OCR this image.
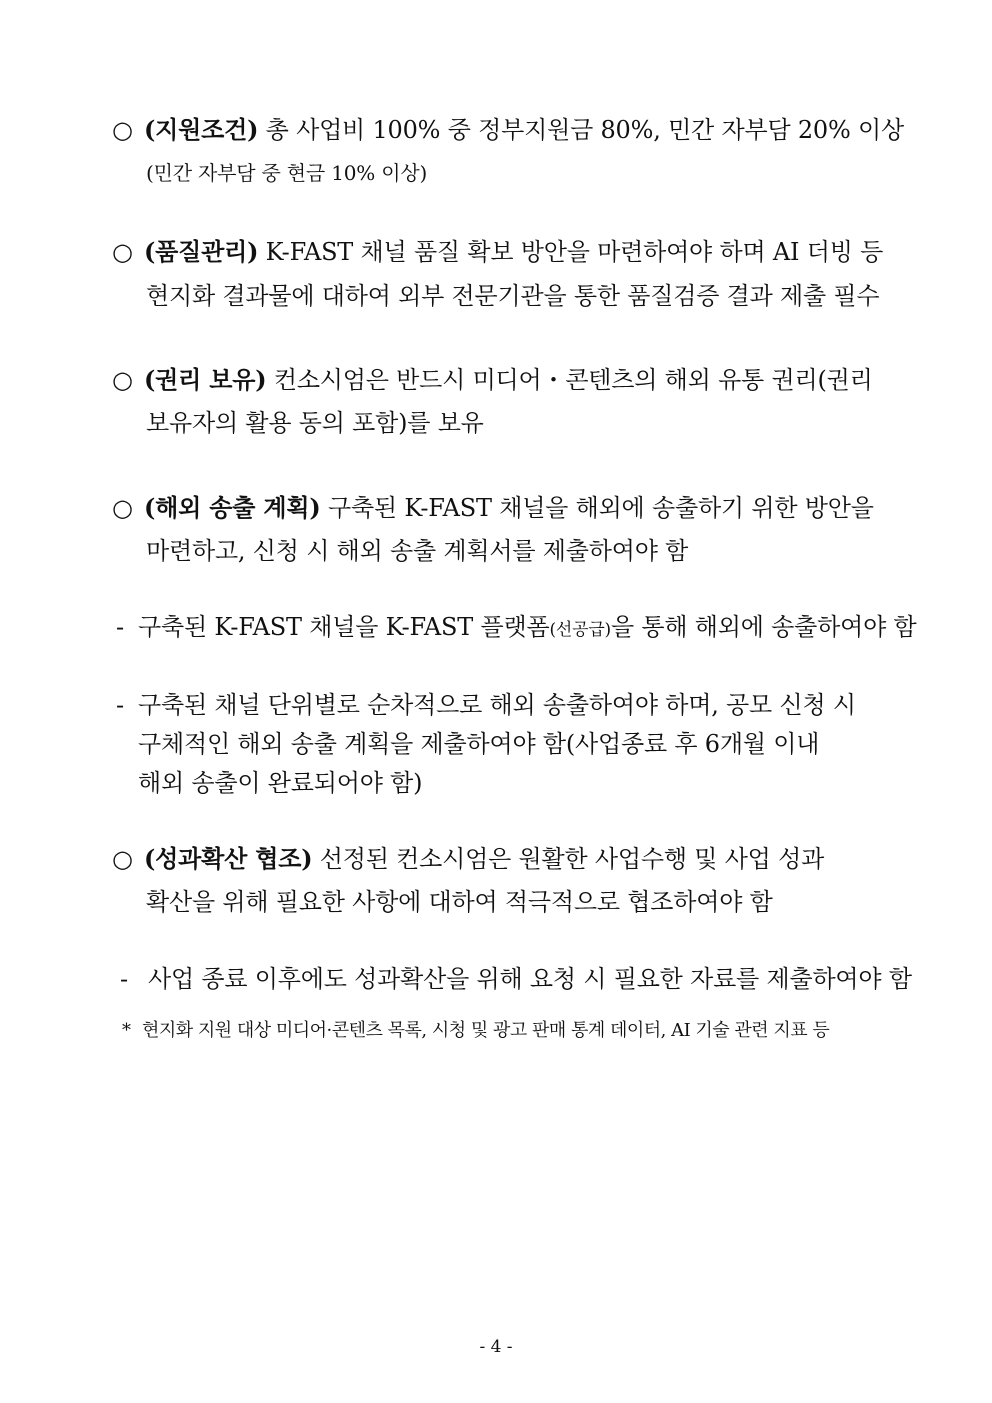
○ (지원조건) 총 사업비 100% 중 정부지원금 80%, 민간 자부담 20% 이상
(민간 자부담 중 현금 10% 이상)
○ (품질관리) K-FAST 채널 품질 확보 방안을 마련하여야 하며 AI 더빙 등
현지화 결과물에 대하여 외부 전문기관을 통한 품질검증 결과 제출 필수
○ (권리 보유) 컨소시엄은 반드시 미디어・콘텐츠의 해외 유통 권리(권리
보유자의 활용 동의 포함)를 보유
○ (해외 송출 계획) 구축된 K-FAST 채널을 해외에 송출하기 위한 방안을
마련하고, 신청 시 해외 송출 계획서를 제출하여야 함
- 구축된 K-FAST 채널을 K-FAST 플랫폼(선공급)을 통해 해외에 송출하여야 함
- 구축된 채널 단위별로 순차적으로 해외 송출하여야 하며, 공모 신청 시
구체적인 해외 송출 계획을 제출하여야 함(사업종료 후 6개월 이내
해외 송출이 완료되어야 함)
○ (성과확산 협조) 선정된 컨소시엄은 원활한 사업수행 및 사업 성과
확산을 위해 필요한 사항에 대하여 적극적으로 협조하여야 함
- 사업 종료 이후에도 성과확산을 위해 요청 시 필요한 자료를 제출하여야 함
* 현지화 지원 대상 미디어·콘텐츠 목록, 시청 및 광고 판매 통계 데이터, AI 기술 관련 지표 등
- 4 -
